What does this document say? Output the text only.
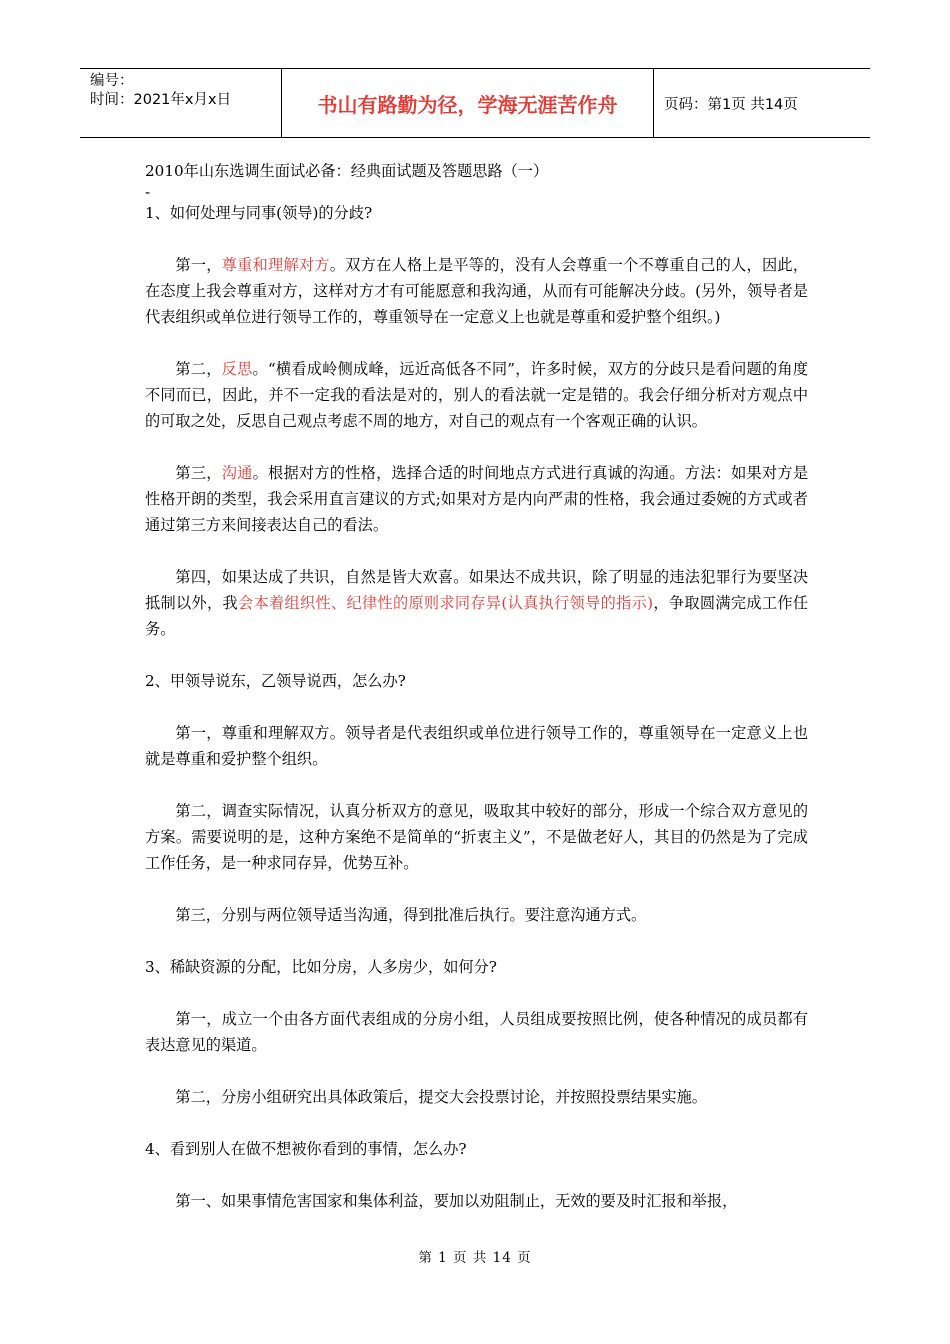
编号：
时间：2021年x月x日	书山有路勤为径，学海无涯苦作舟	页码：第1页 共14页

2010年山东选调生面试必备：经典面试题及答题思路（一）

-

1、如何处理与同事(领导)的分歧?

第一，尊重和理解对方。双方在人格上是平等的，没有人会尊重一个不尊重自己的人，因此，在态度上我会尊重对方，这样对方才有可能愿意和我沟通，从而有可能解决分歧。(另外，领导者是代表组织或单位进行领导工作的，尊重领导在一定意义上也就是尊重和爱护整个组织。)

第二，反思。“横看成岭侧成峰，远近高低各不同”，许多时候，双方的分歧只是看问题的角度不同而已，因此，并不一定我的看法是对的，别人的看法就一定是错的。我会仔细分析对方观点中的可取之处，反思自己观点考虑不周的地方，对自己的观点有一个客观正确的认识。

第三，沟通。根据对方的性格，选择合适的时间地点方式进行真诚的沟通。方法：如果对方是性格开朗的类型，我会采用直言建议的方式;如果对方是内向严肃的性格，我会通过委婉的方式或者通过第三方来间接表达自己的看法。

第四，如果达成了共识，自然是皆大欢喜。如果达不成共识，除了明显的违法犯罪行为要坚决抵制以外，我会本着组织性、纪律性的原则求同存异(认真执行领导的指示)，争取圆满完成工作任务。

2、甲领导说东，乙领导说西，怎么办?

第一，尊重和理解双方。领导者是代表组织或单位进行领导工作的，尊重领导在一定意义上也就是尊重和爱护整个组织。

第二，调查实际情况，认真分析双方的意见，吸取其中较好的部分，形成一个综合双方意见的方案。需要说明的是，这种方案绝不是简单的“折衷主义”，不是做老好人，其目的仍然是为了完成工作任务，是一种求同存异，优势互补。

第三，分别与两位领导适当沟通，得到批准后执行。要注意沟通方式。

3、稀缺资源的分配，比如分房，人多房少，如何分?

第一，成立一个由各方面代表组成的分房小组，人员组成要按照比例，使各种情况的成员都有表达意见的渠道。

第二，分房小组研究出具体政策后，提交大会投票讨论，并按照投票结果实施。

4、看到别人在做不想被你看到的事情，怎么办?

第一、如果事情危害国家和集体利益，要加以劝阻制止，无效的要及时汇报和举报，

第 1 页 共 14 页
